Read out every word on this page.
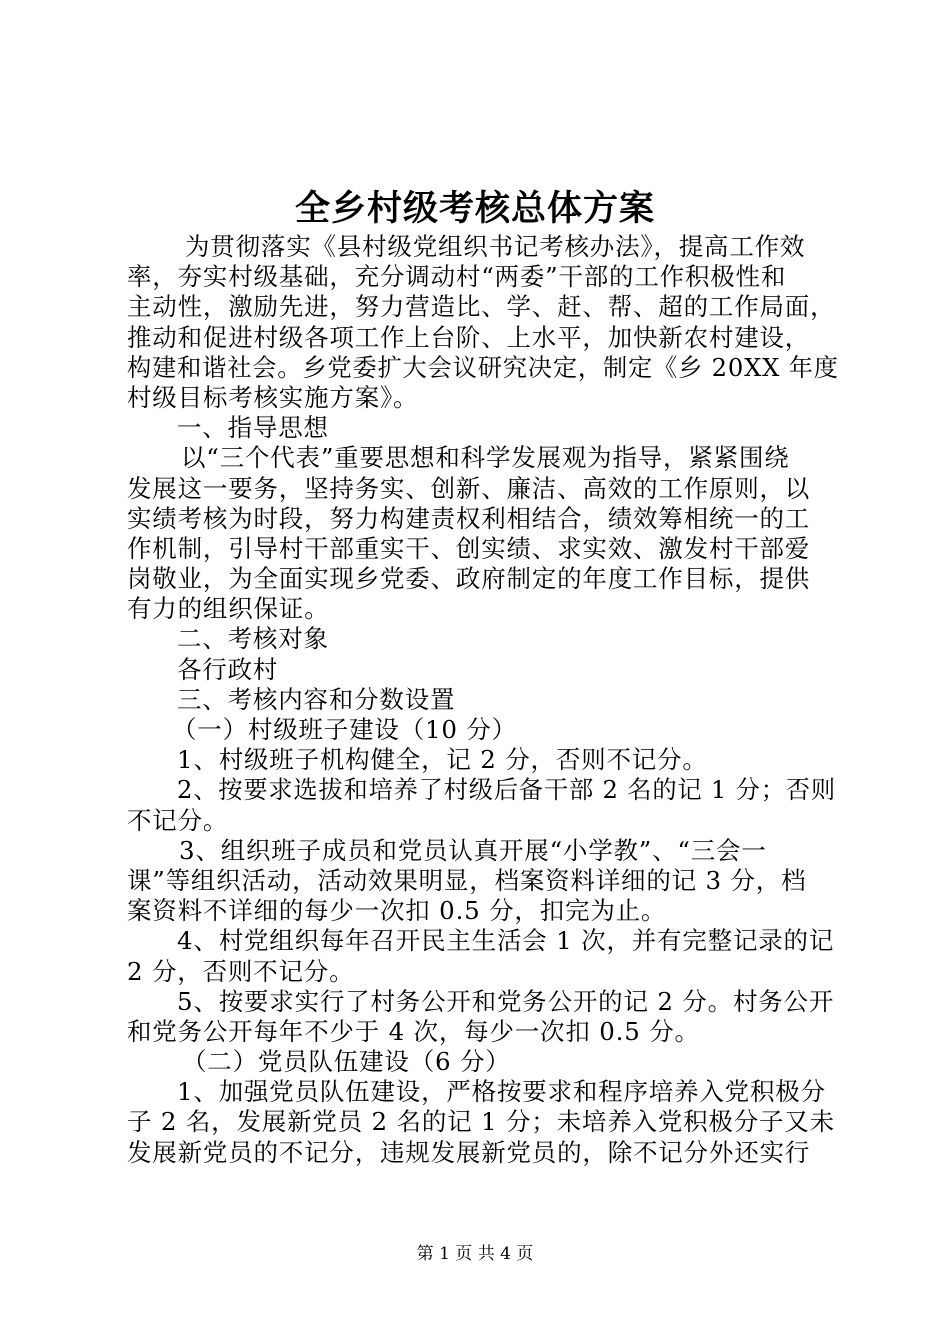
全乡村级考核总体方案
为贯彻落实《县村级党组织书记考核办法》，提高工作效
率，夯实村级基础，充分调动村“两委”干部的工作积极性和
主动性，激励先进，努力营造比、学、赶、帮、超的工作局面，
推动和促进村级各项工作上台阶、上水平，加快新农村建设，
构建和谐社会。乡党委扩大会议研究决定，制定《乡 20XX 年度
村级目标考核实施方案》。
一、指导思想
以“三个代表”重要思想和科学发展观为指导，紧紧围绕
发展这一要务，坚持务实、创新、廉洁、高效的工作原则，以
实绩考核为时段，努力构建责权利相结合，绩效筹相统一的工
作机制，引导村干部重实干、创实绩、求实效、激发村干部爱
岗敬业，为全面实现乡党委、政府制定的年度工作目标，提供
有力的组织保证。
二、考核对象
各行政村
三、考核内容和分数设置
（一）村级班子建设（10 分）
1、村级班子机构健全，记 2 分，否则不记分。
2、按要求选拔和培养了村级后备干部 2 名的记 1 分；否则
不记分。
3、组织班子成员和党员认真开展“小学教”、“三会一
课”等组织活动，活动效果明显，档案资料详细的记 3 分，档
案资料不详细的每少一次扣 0.5 分，扣完为止。
4、村党组织每年召开民主生活会 1 次，并有完整记录的记
2 分，否则不记分。
5、按要求实行了村务公开和党务公开的记 2 分。村务公开
和党务公开每年不少于 4 次，每少一次扣 0.5 分。
（二）党员队伍建设（6 分）
1、加强党员队伍建设，严格按要求和程序培养入党积极分
子 2 名，发展新党员 2 名的记 1 分；未培养入党积极分子又未
发展新党员的不记分，违规发展新党员的，除不记分外还实行
第 1 页 共 4 页
